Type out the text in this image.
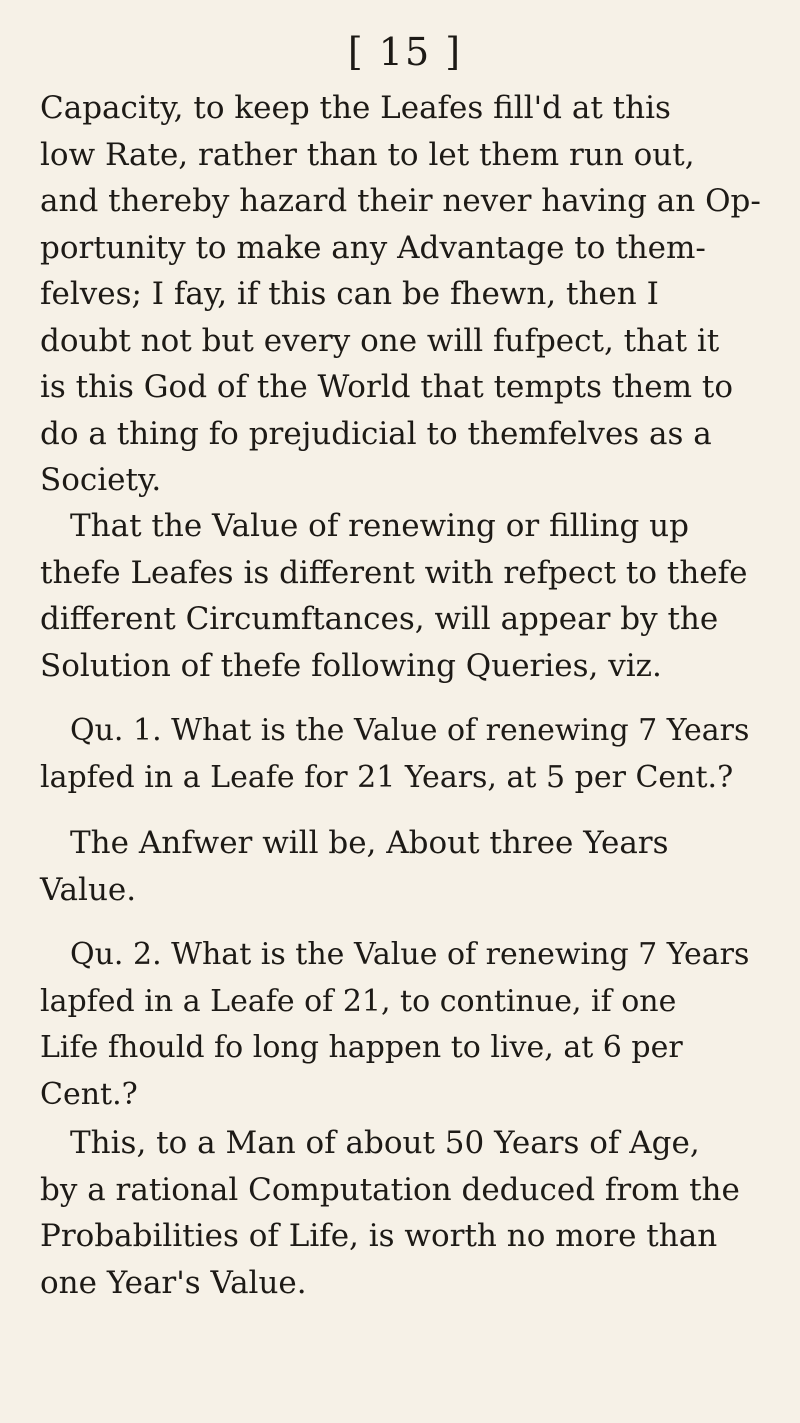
[ 15 ]
Capacity, to keep the Leafes fill'd at this
low Rate, rather than to let them run out,
and thereby hazard their never having an Op-
portunity to make any Advantage to them-
felves; I fay, if this can be fhewn, then I
doubt not but every one will fufpect, that it
is this God of the World that tempts them to
do a thing fo prejudicial to themfelves as a
Society.
That the Value of renewing or filling up
thefe Leafes is different with refpect to thefe
different Circumftances, will appear by the
Solution of thefe following Queries, viz.
Qu. 1. What is the Value of renewing 7 Years
lapfed in a Leafe for 21 Years, at 5 per Cent.?
The Anfwer will be, About three Years
Value.
Qu. 2. What is the Value of renewing 7 Years
lapfed in a Leafe of 21, to continue, if one
Life fhould fo long happen to live, at 6 per
Cent.?
This, to a Man of about 50 Years of Age,
by a rational Computation deduced from the
Probabilities of Life, is worth no more than
one Year's Value.
